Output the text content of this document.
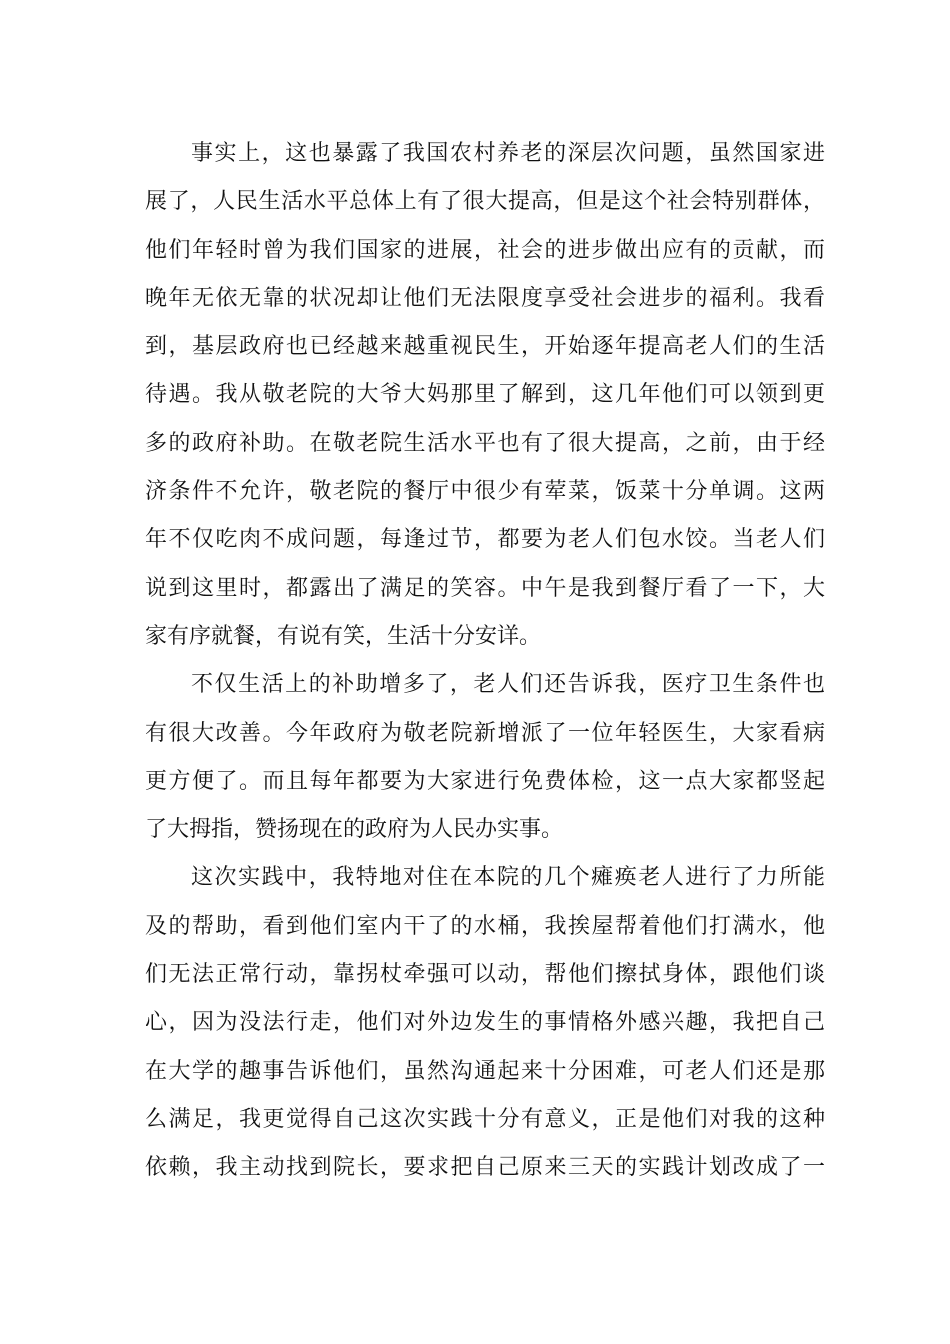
事实上，这也暴露了我国农村养老的深层次问题，虽然国家进
展了，人民生活水平总体上有了很大提高，但是这个社会特别群体，
他们年轻时曾为我们国家的进展，社会的进步做出应有的贡献，而
晚年无依无靠的状况却让他们无法限度享受社会进步的福利。我看
到，基层政府也已经越来越重视民生，开始逐年提高老人们的生活
待遇。我从敬老院的大爷大妈那里了解到，这几年他们可以领到更
多的政府补助。在敬老院生活水平也有了很大提高，之前，由于经
济条件不允许，敬老院的餐厅中很少有荤菜，饭菜十分单调。这两
年不仅吃肉不成问题，每逢过节，都要为老人们包水饺。当老人们
说到这里时，都露出了满足的笑容。中午是我到餐厅看了一下，大
家有序就餐，有说有笑，生活十分安详。
不仅生活上的补助增多了，老人们还告诉我，医疗卫生条件也
有很大改善。今年政府为敬老院新增派了一位年轻医生，大家看病
更方便了。而且每年都要为大家进行免费体检，这一点大家都竖起
了大拇指，赞扬现在的政府为人民办实事。
这次实践中，我特地对住在本院的几个瘫痪老人进行了力所能
及的帮助，看到他们室内干了的水桶，我挨屋帮着他们打满水，他
们无法正常行动，靠拐杖牵强可以动，帮他们擦拭身体，跟他们谈
心，因为没法行走，他们对外边发生的事情格外感兴趣，我把自己
在大学的趣事告诉他们，虽然沟通起来十分困难，可老人们还是那
么满足，我更觉得自己这次实践十分有意义，正是他们对我的这种
依赖，我主动找到院长，要求把自己原来三天的实践计划改成了一
